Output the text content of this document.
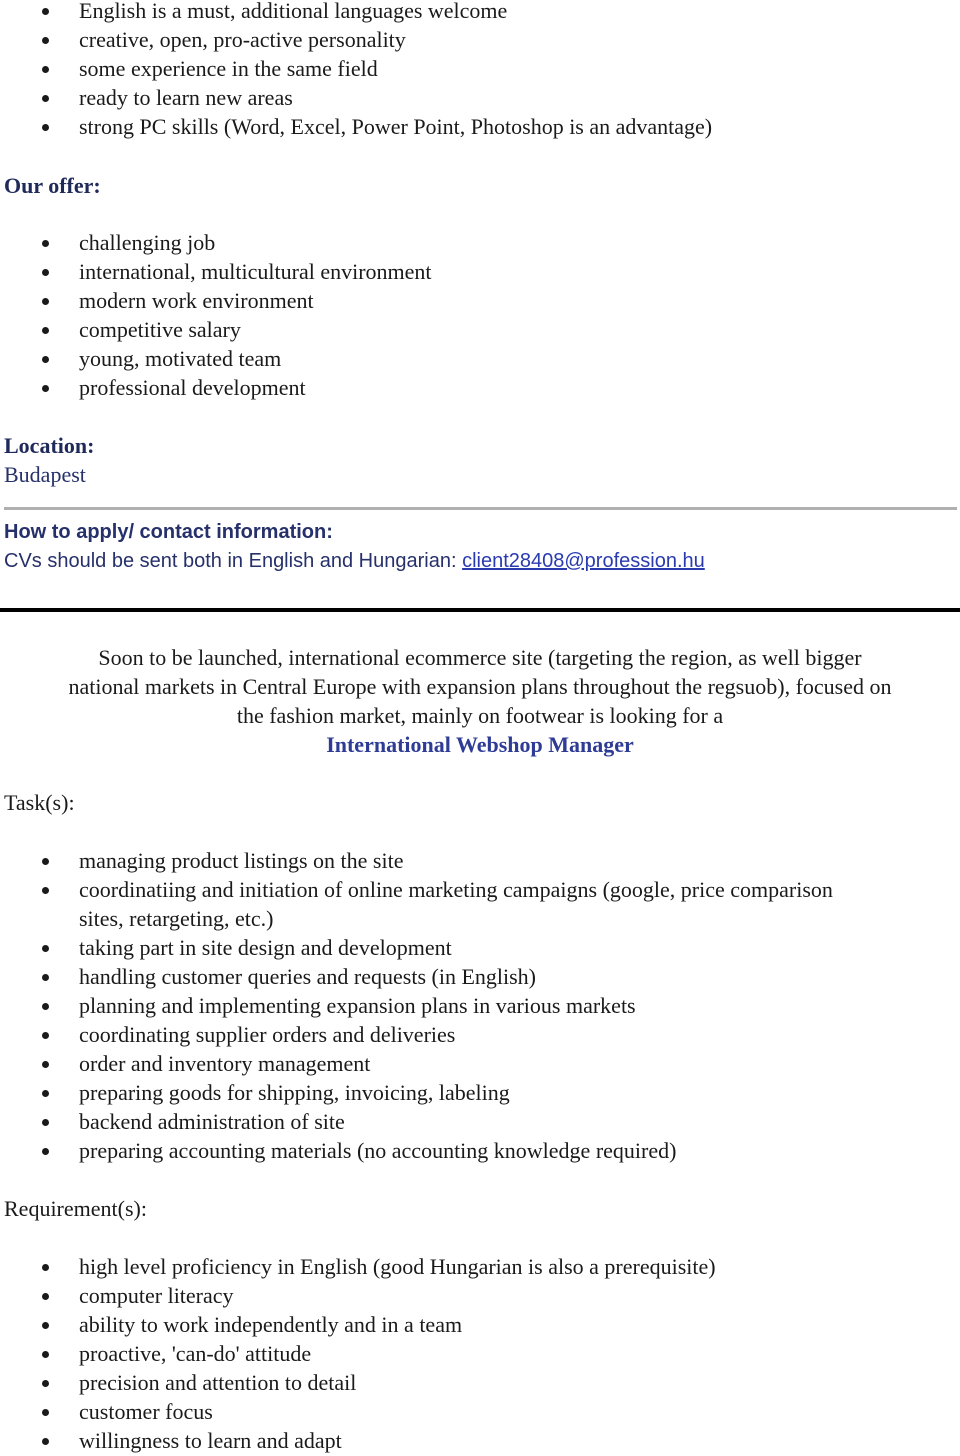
English is a must, additional languages welcome
creative, open, pro-active personality
some experience in the same field
ready to learn new areas
strong PC skills (Word, Excel, Power Point, Photoshop is an advantage)
Our offer:
challenging job
international, multicultural environment
modern work environment
competitive salary
young, motivated team
professional development
Location:
Budapest
How to apply/ contact information:
CVs should be sent both in English and Hungarian: client28408@profession.hu
Soon to be launched, international ecommerce site (targeting the region, as well bigger
national markets in Central Europe with expansion plans throughout the regsuob), focused on
the fashion market, mainly on footwear is looking for a
International Webshop Manager
Task(s):
managing product listings on the site
coordinatiing and initiation of online marketing campaigns (google, price comparison
sites, retargeting, etc.)
taking part in site design and development
handling customer queries and requests (in English)
planning and implementing expansion plans in various markets
coordinating supplier orders and deliveries
order and inventory management
preparing goods for shipping, invoicing, labeling
backend administration of site
preparing accounting materials (no accounting knowledge required)
Requirement(s):
high level proficiency in English (good Hungarian is also a prerequisite)
computer literacy
ability to work independently and in a team
proactive, 'can-do' attitude
precision and attention to detail
customer focus
willingness to learn and adapt
